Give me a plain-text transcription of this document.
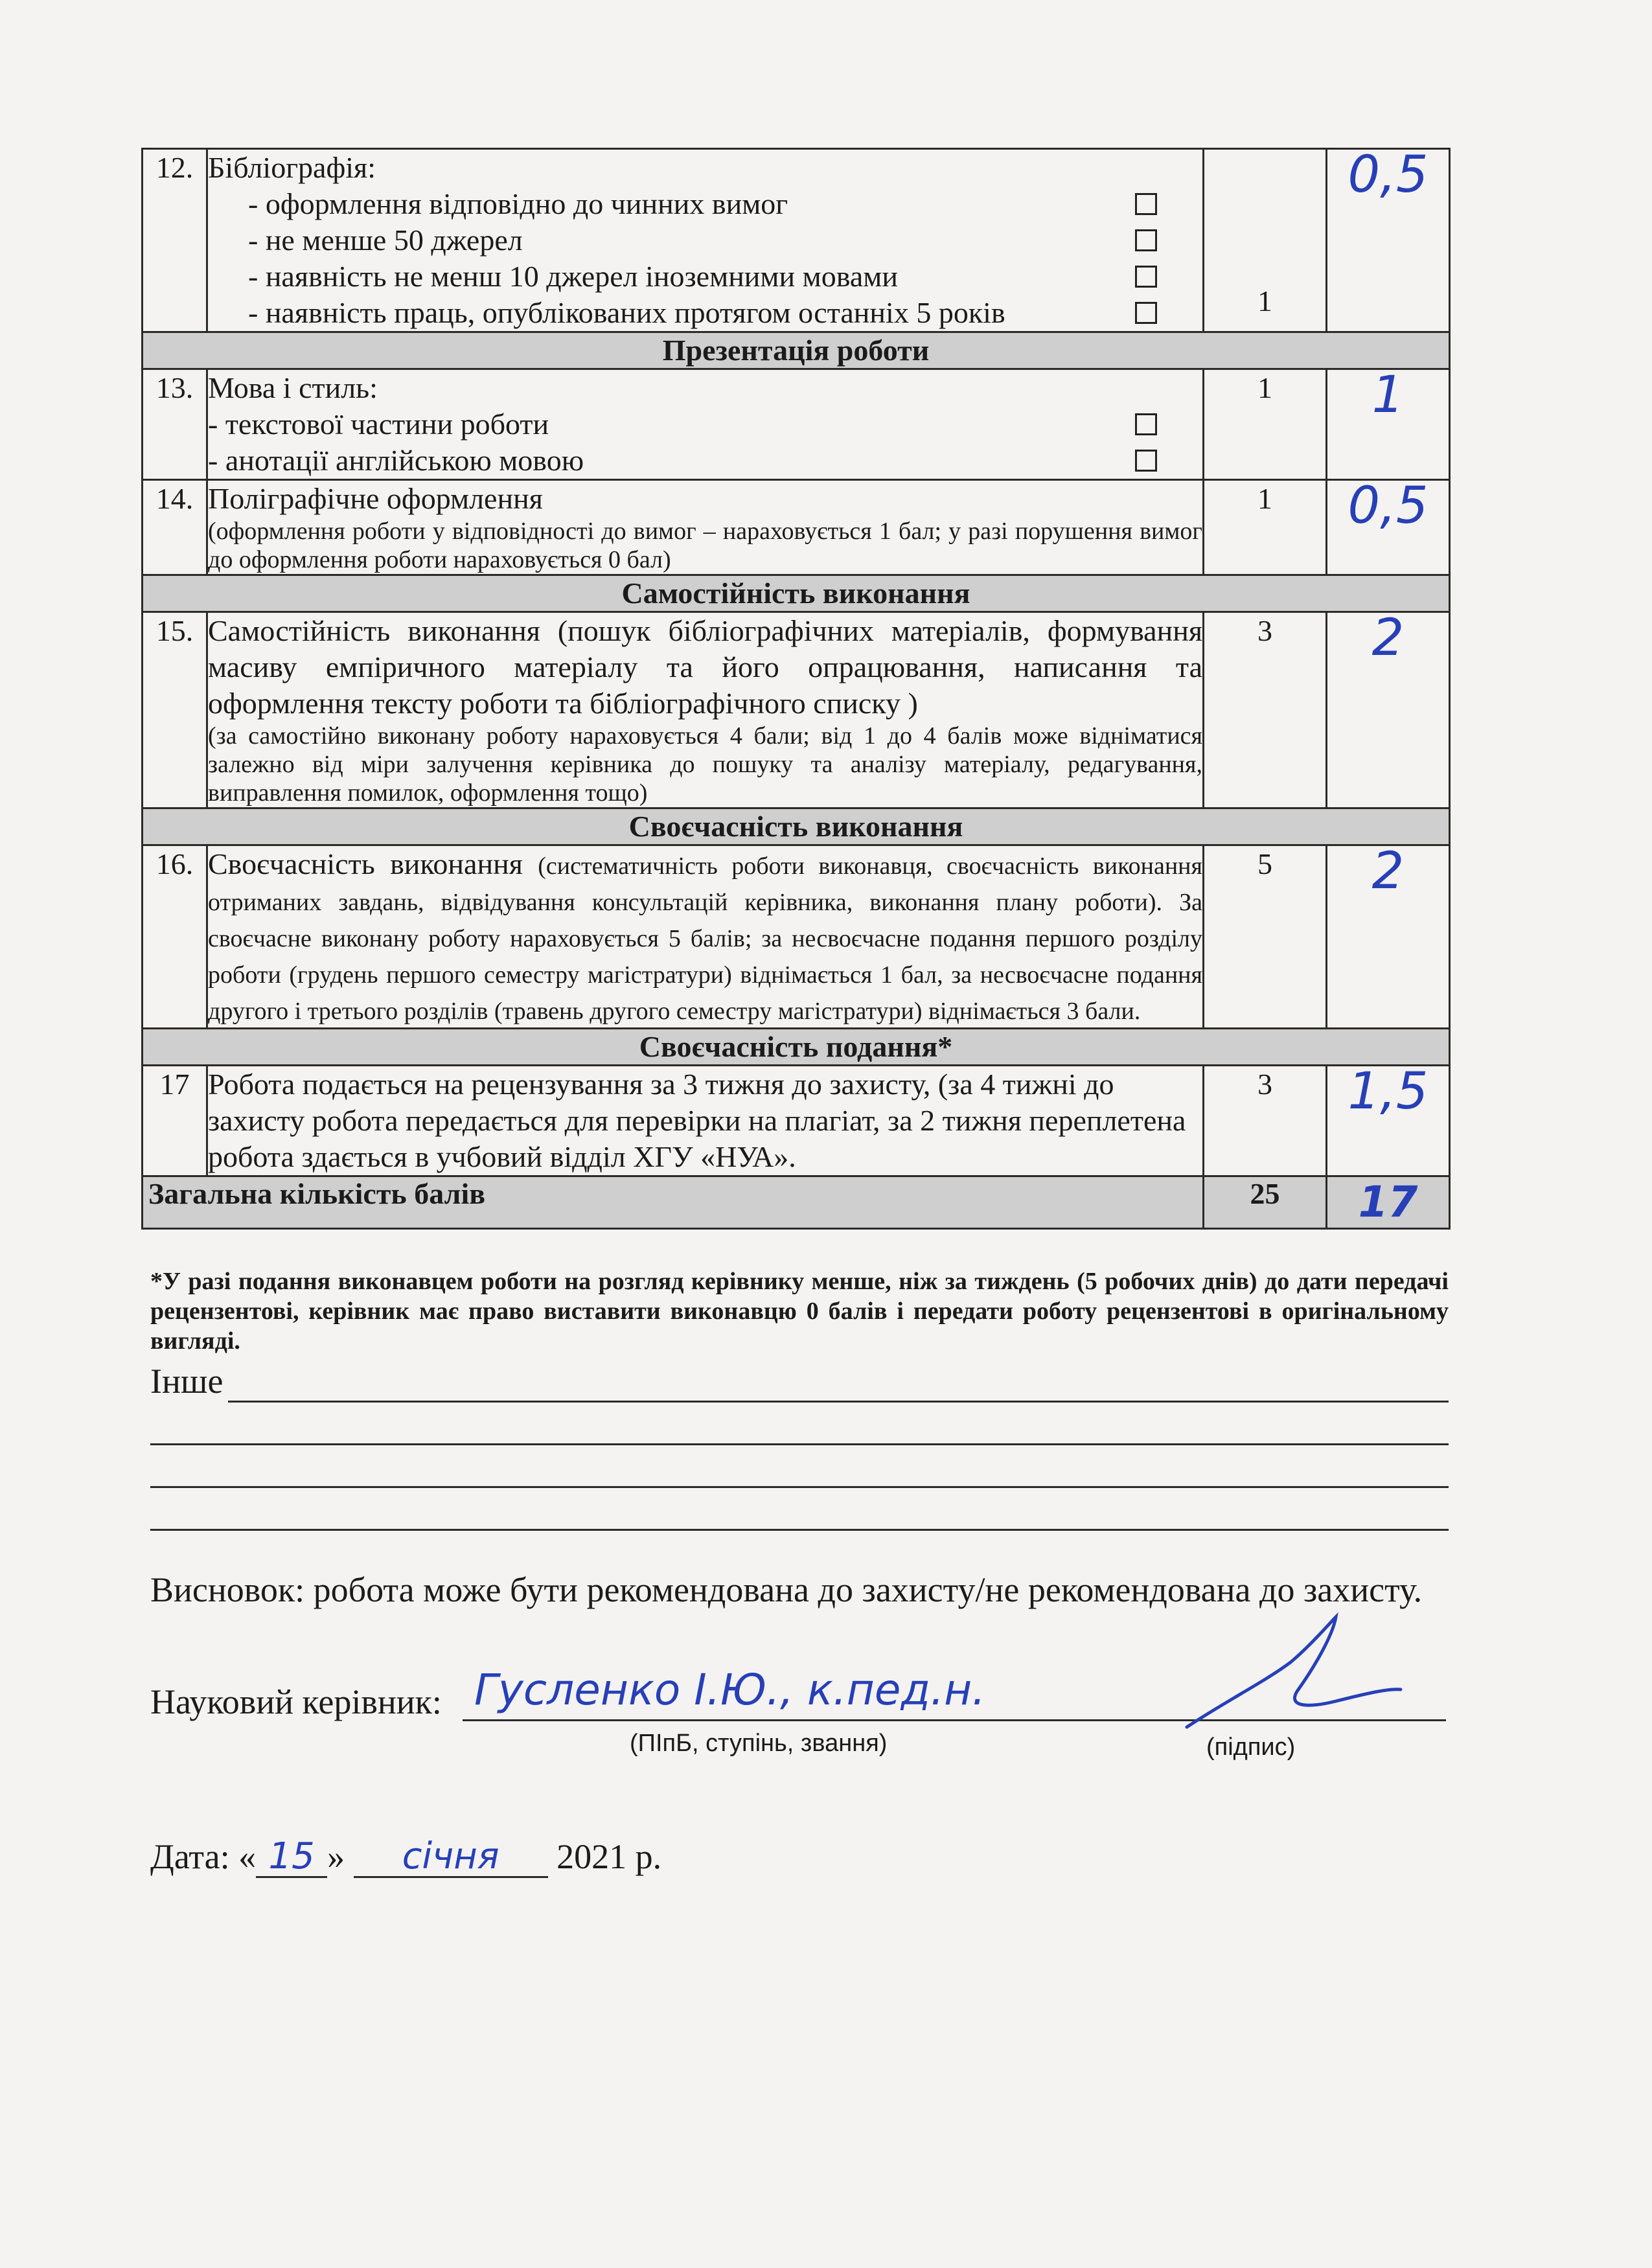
12.	Бібліографія:
- оформлення відповідно до чинних вимог
- не менше 50 джерел
- наявність не менш 10 джерел іноземними мовами
- наявність праць, опублікованих протягом останніх 5 років	1	0,5
Презентація роботи			
13.	Мова і стиль:
- текстової частини роботи
- анотації англійською мовою	1	1
14.	Поліграфічне оформлення
(оформлення роботи у відповідності до вимог – нараховується 1 бал; у разі порушення вимог до оформлення роботи нараховується 0 бал)	1	0,5
Самостійність виконання			
15.	Самостійність виконання (пошук бібліографічних матеріалів, формування масиву емпіричного матеріалу та його опрацювання, написання та оформлення тексту роботи та бібліографічного списку )
(за самостійно виконану роботу нараховується 4 бали; від 1 до 4 балів може відніматися залежно від міри залучення керівника до пошуку та аналізу матеріалу, редагування, виправлення помилок, оформлення тощо)	3	2
Своєчасність виконання			
16.	Своєчасність виконання (систематичність роботи виконавця, своєчасність виконання отриманих завдань, відвідування консультацій керівника, виконання плану роботи). За своєчасне виконану роботу нараховується 5 балів; за несвоєчасне подання першого розділу роботи (грудень першого семестру магістратури) віднімається 1 бал, за несвоєчасне подання другого і третього розділів (травень другого семестру магістратури) віднімається 3 бали.	5	2
Своєчасність подання*			
17	Робота подається на рецензування за 3 тижня до захисту, (за 4 тижні до захисту робота передається для перевірки на плагіат, за 2 тижня переплетена робота здається в учбовий відділ ХГУ «НУА».	3	1,5
Загальна кількість балів		25	17
*У разі подання виконавцем роботи на розгляд керівнику менше, ніж за тиждень (5 робочих днів) до дати передачі рецензентові, керівник має право виставити виконавцю 0 балів і передати роботу рецензентові в оригінальному вигляді.
Інше
Висновок: робота може бути рекомендована до захисту/не рекомендована до захисту.
Науковий керівник: Гусленко І.Ю., к.пед.н.
(ПІпБ, ступінь, звання)	(підпис)
Дата: « 15 » січня 2021 р.
